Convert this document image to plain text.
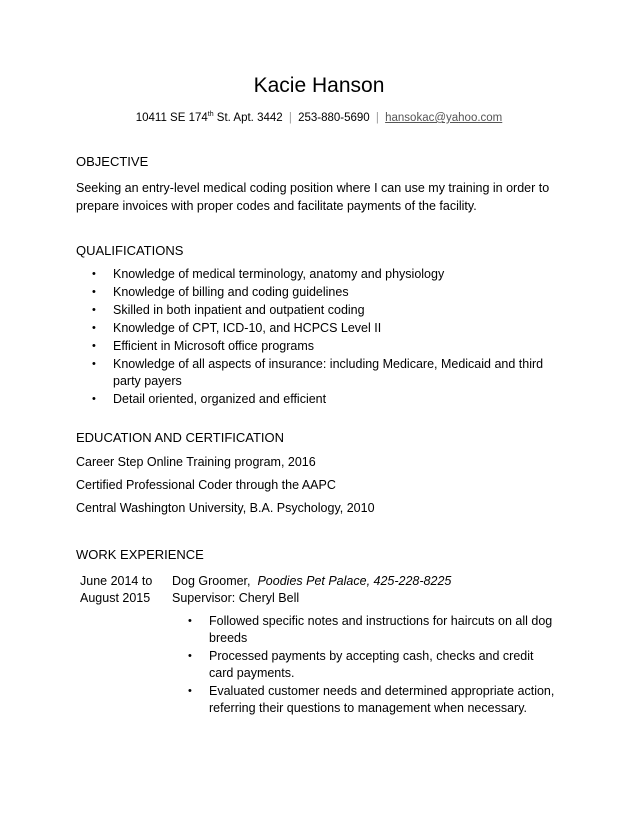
Kacie Hanson
10411 SE 174th St. Apt. 3442 | 253-880-5690 | hansokac@yahoo.com
OBJECTIVE
Seeking an entry-level medical coding position where I can use my training in order to prepare invoices with proper codes and facilitate payments of the facility.
QUALIFICATIONS
• Knowledge of medical terminology, anatomy and physiology
• Knowledge of billing and coding guidelines
• Skilled in both inpatient and outpatient coding
• Knowledge of CPT, ICD-10, and HCPCS Level II
• Efficient in Microsoft office programs
• Knowledge of all aspects of insurance: including Medicare, Medicaid and third party payers
• Detail oriented, organized and efficient
EDUCATION AND CERTIFICATION
Career Step Online Training program, 2016
Certified Professional Coder through the AAPC
Central Washington University, B.A. Psychology, 2010
WORK EXPERIENCE
June 2014 to
August 2015
Dog Groomer, Poodies Pet Palace, 425-228-8225
Supervisor: Cheryl Bell
• Followed specific notes and instructions for haircuts on all dog breeds
• Processed payments by accepting cash, checks and credit card payments.
• Evaluated customer needs and determined appropriate action, referring their questions to management when necessary.
